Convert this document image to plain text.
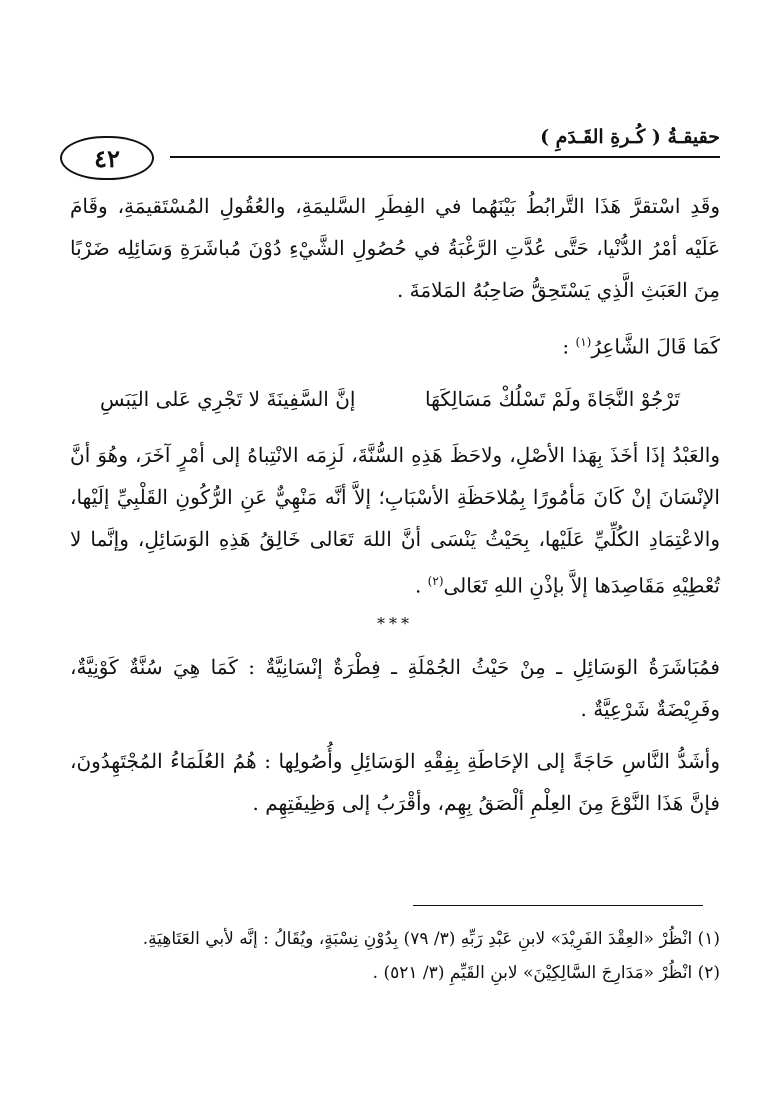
حقيقـةُ ( كُـرةِ القَـدَمِ )
٤٢

وقَدِ اسْتقرَّ هَذَا التَّرابُطُ بَيْنَهُما في الفِطَرِ السَّليمَةِ، والعُقُولِ المُسْتَقيمَةِ، وقَامَ عَلَيْه أمْرُ الدُّنْيا، حَتَّى عُدَّتِ الرَّغْبَةُ في حُصُولِ الشَّيْءِ دُوْنَ مُباشَرَةِ وَسَائِلِه ضَرْبًا مِنَ العَبَثِ الَّذِي يَسْتَحِقُّ صَاحِبُهُ المَلامَةَ .

كَمَا قَالَ الشَّاعِرُ$^{(١)}$ :

تَرْجُوْ النَّجَاةَ ولَمْ تَسْلُكْ مَسَالِكَهَا
إنَّ السَّفِينَةَ لا تَجْرِي عَلى اليَبَسِ

والعَبْدُ إذَا أخَذَ بِهَذا الأصْلِ، ولاحَظَ هَذِهِ السُّنَّةَ، لَزِمَه الانْتِباهُ إلى أمْرٍ آخَرَ، وهُوَ أنَّ الإنْسَانَ إنْ كَانَ مَأمُورًا بِمُلاحَظَةِ الأسْبَابِ؛ إلاَّ أنَّه مَنْهِيٌّ عَنِ الرُّكُونِ القَلْبِيِّ إلَيْها، والاعْتِمَادِ الكُلِّيِّ عَلَيْها، بِحَيْثُ يَنْسَى أنَّ اللهَ تَعَالى خَالِقُ هَذِهِ الوَسَائِلِ، وإنَّما لا تُعْطِيْهِ مَقَاصِدَها إلاَّ بإذْنِ اللهِ تَعَالى$^{(٢)}$ .

***

فمُبَاشَرَةُ الوَسَائِلِ ـ مِنْ حَيْثُ الجُمْلَةِ ـ فِطْرَةٌ إنْسَانِيَّةٌ : كَمَا هِيَ سُنَّةٌ كَوْنِيَّةٌ، وفَرِيْضَةٌ شَرْعِيَّةٌ .

وأشَدُّ النَّاسِ حَاجَةً إلى الإحَاطَةِ بِفِقْهِ الوَسَائِلِ وأُصُولِها : هُمُ العُلَمَاءُ المُجْتَهِدُونَ، فإنَّ هَذَا النَّوْعَ مِنَ العِلْمِ ألْصَقُ بِهِم، وأقْرَبُ إلى وَظِيفَتِهِم .

(١) انْظُرْ «العِقْدَ الفَرِيْدَ» لابنِ عَبْدِ رَبِّهِ (٣/ ٧٩) بِدُوْنِ نِسْبَةٍ، ويُقَالُ : إنَّه لأبي العَتَاهِيَةِ.

(٢) انْظُرْ «مَدَارِجَ السَّالِكِيْنَ» لابنِ القَيِّمِ (٣/ ٥٢١) .
